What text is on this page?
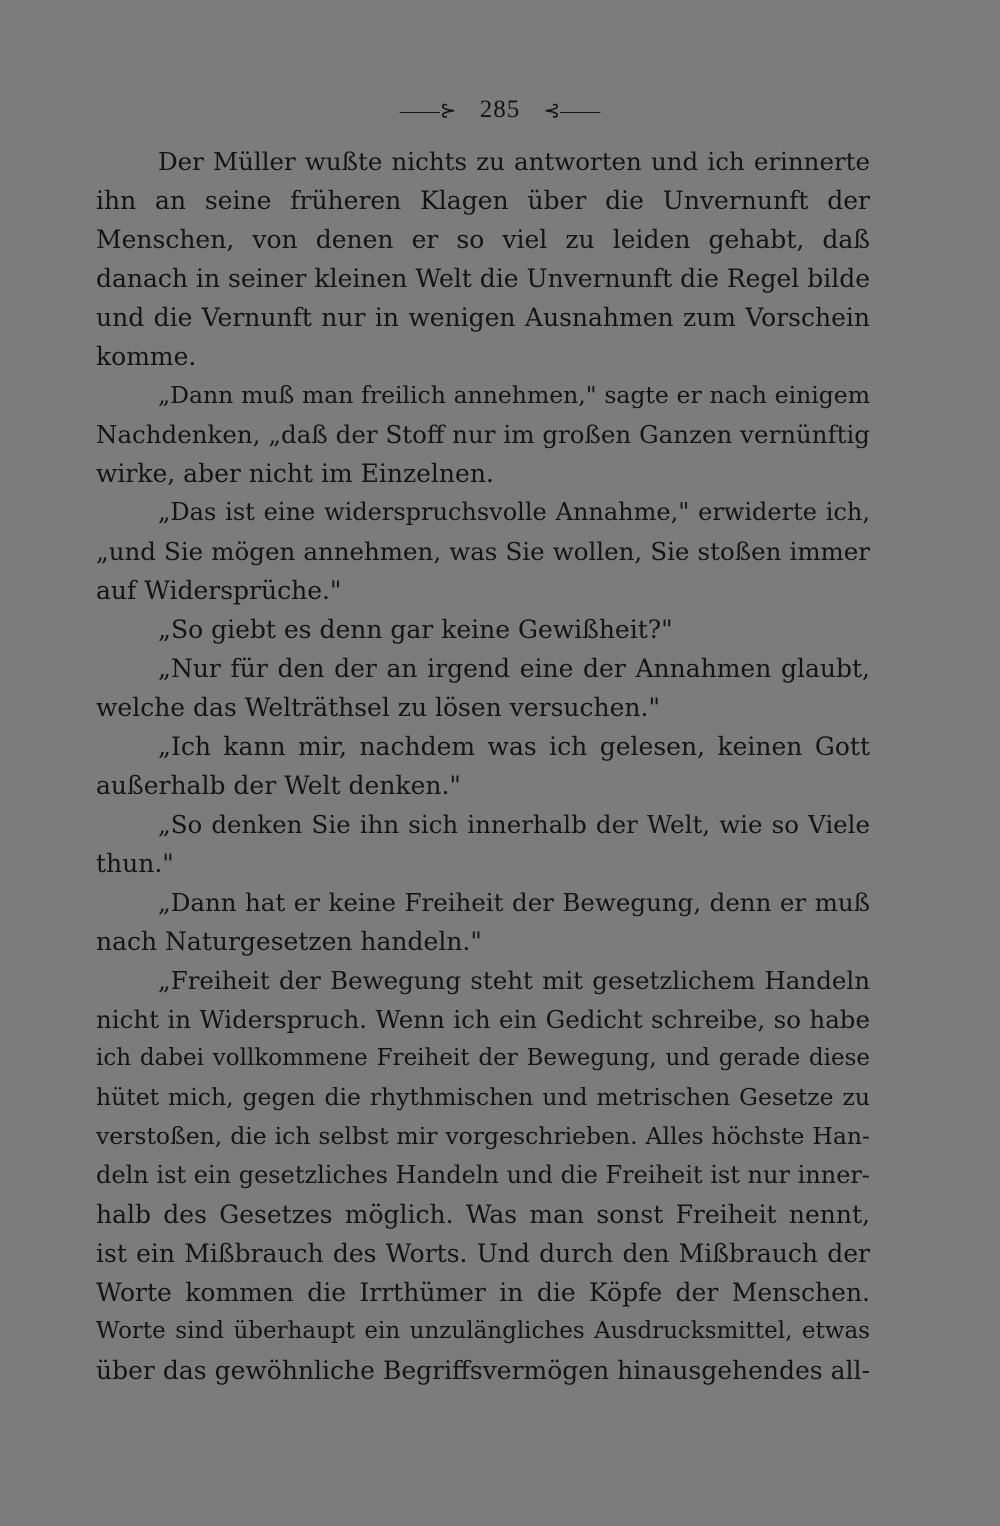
——⊱ 285 ⊰——
Der Müller wußte nichts zu antworten und ich erinnerte
ihn an seine früheren Klagen über die Unvernunft der
Menschen, von denen er so viel zu leiden gehabt, daß
danach in seiner kleinen Welt die Unvernunft die Regel bilde
und die Vernunft nur in wenigen Ausnahmen zum Vorschein
komme.
„Dann muß man freilich annehmen," sagte er nach einigem
Nachdenken, „daß der Stoff nur im großen Ganzen vernünftig
wirke, aber nicht im Einzelnen.
„Das ist eine widerspruchsvolle Annahme," erwiderte ich,
„und Sie mögen annehmen, was Sie wollen, Sie stoßen immer
auf Widersprüche."
„So giebt es denn gar keine Gewißheit?"
„Nur für den der an irgend eine der Annahmen glaubt,
welche das Welträthsel zu lösen versuchen."
„Ich kann mir, nachdem was ich gelesen, keinen Gott
außerhalb der Welt denken."
„So denken Sie ihn sich innerhalb der Welt, wie so Viele
thun."
„Dann hat er keine Freiheit der Bewegung, denn er muß
nach Naturgesetzen handeln."
„Freiheit der Bewegung steht mit gesetzlichem Handeln
nicht in Widerspruch. Wenn ich ein Gedicht schreibe, so habe
ich dabei vollkommene Freiheit der Bewegung, und gerade diese
hütet mich, gegen die rhythmischen und metrischen Gesetze zu
verstoßen, die ich selbst mir vorgeschrieben. Alles höchste Han-
deln ist ein gesetzliches Handeln und die Freiheit ist nur inner-
halb des Gesetzes möglich. Was man sonst Freiheit nennt,
ist ein Mißbrauch des Worts. Und durch den Mißbrauch der
Worte kommen die Irrthümer in die Köpfe der Menschen.
Worte sind überhaupt ein unzulängliches Ausdrucksmittel, etwas
über das gewöhnliche Begriffsvermögen hinausgehendes all-
